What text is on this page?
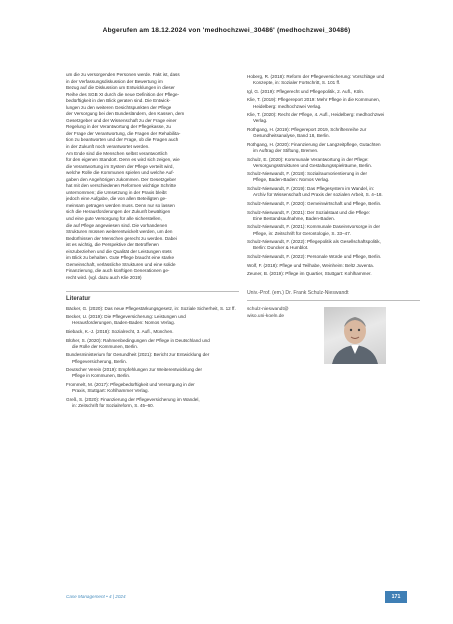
Abgerufen am 18.12.2024 von 'medhochzwei_30486' (medhochzwei_30486)
um die zu versorgenden Personen werde. Fakt ist, dass
in der Verfassungsdiskussion der Bewertung im
Bezug auf die Diskussion um Entwicklungen in dieser
Reihe des SGB XI durch die neue Definition der Pflege-
bedürftigkeit in den Blick geraten sind. Die Entwick-
lungen zu den weiteren Gesichtspunkten der Pflege
der Versorgung bei den Bundesländern, den Kassen, dem
Gesetzgeber und der Wissenschaft zu der Frage einer
Regelung in der Verantwortung der Pflegekasse, zu
der Frage der Verantwortung, die Fragen der Rehabilita-
tion zu beantworten und der Frage, ob die Fragen auch
in der Zukunft noch verantwortet werden.
Am Ende sind die Menschen selbst verantwortlich
für den eigenen Standort. Denn es wird sich zeigen, wie
die Verantwortung im System der Pflege verteilt wird,
welche Rolle die Kommunen spielen und welche Auf-
gaben den Angehörigen zukommen. Der Gesetzgeber
hat mit den verschiedenen Reformen wichtige Schritte
unternommen; die Umsetzung in der Praxis bleibt
jedoch eine Aufgabe, die von allen Beteiligten ge-
meinsam getragen werden muss. Denn nur so lassen
sich die Herausforderungen der Zukunft bewältigen
und eine gute Versorgung für alle sicherstellen,
die auf Pflege angewiesen sind. Die vorhandenen
Strukturen müssen weiterentwickelt werden, um den
Bedürfnissen der Menschen gerecht zu werden. Dabei
ist es wichtig, die Perspektive der Betroffenen
einzubeziehen und die Qualität der Leistungen stets
im Blick zu behalten. Gute Pflege braucht eine starke
Gemeinschaft, verlässliche Strukturen und eine solide
Finanzierung, die auch künftigen Generationen ge-
recht wird. (vgl. dazu auch Klie 2019)
Literatur
Bäcker, G. (2020): Das neue Pflegestärkungsgesetz, in: Soziale Sicherheit, S. 12 ff.
Becker, U. (2019): Die Pflegeversicherung: Leistungen und
Herausforderungen, Baden-Baden: Nomos Verlag.
Bieback, K.-J. (2018): Sozialrecht, 3. Aufl., München.
Blüher, S. (2020): Rahmenbedingungen der Pflege in Deutschland und
die Rolle der Kommunen, Berlin.
Bundesministerium für Gesundheit (2021): Bericht zur Entwicklung der
Pflegeversicherung, Berlin.
Deutscher Verein (2019): Empfehlungen zur Weiterentwicklung der
Pflege in Kommunen, Berlin.
Frommelt, M. (2017): Pflegebedürftigkeit und Versorgung in der
Praxis, Stuttgart: Kohlhammer Verlag.
Greß, S. (2020): Finanzierung der Pflegeversicherung im Wandel,
in: Zeitschrift für Sozialreform, S. 45–60.
Hoberg, R. (2018): Reform der Pflegeversicherung: Vorschläge und
Konzepte, in: Sozialer Fortschritt, S. 101 ff.
Igl, G. (2019): Pflegerecht und Pflegepolitik, 2. Aufl., Köln.
Klie, T. (2019): Pflegereport 2019: Mehr Pflege in die Kommunen,
Heidelberg: medhochzwei Verlag.
Klie, T. (2020): Recht der Pflege, 4. Aufl., Heidelberg: medhochzwei
Verlag.
Rothgang, H. (2019): Pflegereport 2019, Schriftenreihe zur
Gesundheitsanalyse, Band 18, Berlin.
Rothgang, H. (2020): Finanzierung der Langzeitpflege, Gutachten
im Auftrag der Stiftung, Bremen.
Schulz, E. (2020): Kommunale Verantwortung in der Pflege:
Versorgungsstrukturen und Gestaltungsspielräume, Berlin.
Schulz-Nieswandt, F. (2018): Sozialraumorientierung in der
Pflege, Baden-Baden: Nomos Verlag.
Schulz-Nieswandt, F. (2019): Das Pflegesystem im Wandel, in:
Archiv für Wissenschaft und Praxis der sozialen Arbeit, S. 4–18.
Schulz-Nieswandt, F. (2020): Gemeinwirtschaft und Pflege, Berlin.
Schulz-Nieswandt, F. (2021): Der Sozialstaat und die Pflege:
Eine Bestandsaufnahme, Baden-Baden.
Schulz-Nieswandt, F. (2021): Kommunale Daseinsvorsorge in der
Pflege, in: Zeitschrift für Gerontologie, S. 33–47.
Schulz-Nieswandt, F. (2022): Pflegepolitik als Gesellschaftspolitik,
Berlin: Duncker & Humblot.
Schulz-Nieswandt, F. (2022): Personale Würde und Pflege, Berlin.
Wolf, F. (2018): Pflege und Teilhabe, Weinheim: Beltz Juventa.
Zeuner, B. (2019): Pflege im Quartier, Stuttgart: Kohlhammer.
Univ.-Prof. (em.) Dr. Frank Schulz-Nieswandt
schulz-nieswandt@
wiso.uni-koeln.de
Case Management • 4 | 2024	171
